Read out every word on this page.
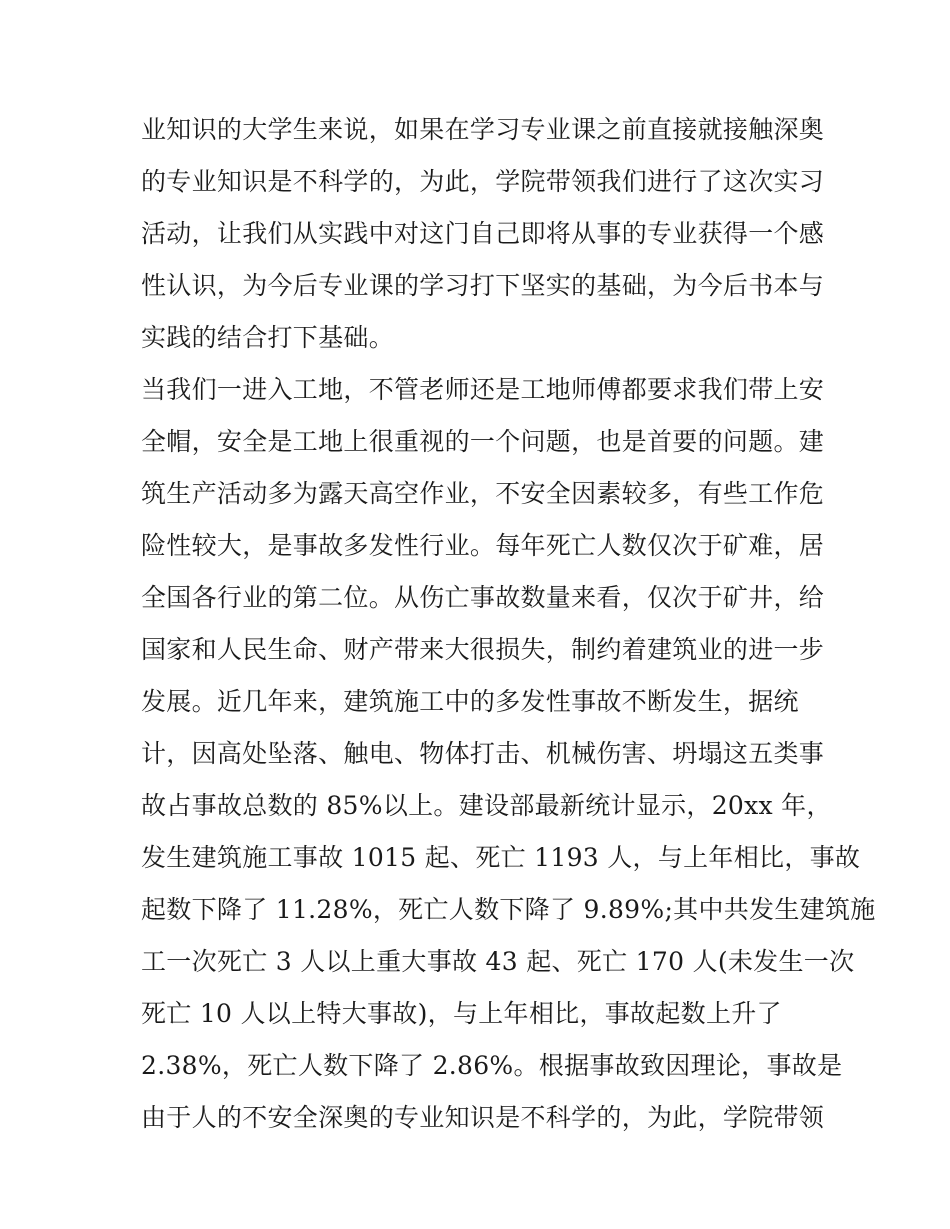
业知识的大学生来说，如果在学习专业课之前直接就接触深奥
的专业知识是不科学的，为此，学院带领我们进行了这次实习
活动，让我们从实践中对这门自己即将从事的专业获得一个感
性认识，为今后专业课的学习打下坚实的基础，为今后书本与
实践的结合打下基础。
当我们一进入工地，不管老师还是工地师傅都要求我们带上安
全帽，安全是工地上很重视的一个问题，也是首要的问题。建
筑生产活动多为露天高空作业，不安全因素较多，有些工作危
险性较大，是事故多发性行业。每年死亡人数仅次于矿难，居
全国各行业的第二位。从伤亡事故数量来看，仅次于矿井，给
国家和人民生命、财产带来大很损失，制约着建筑业的进一步
发展。近几年来，建筑施工中的多发性事故不断发生，据统
计，因高处坠落、触电、物体打击、机械伤害、坍塌这五类事
故占事故总数的 85%以上。建设部最新统计显示，20xx 年，
发生建筑施工事故 1015 起、死亡 1193 人，与上年相比，事故
起数下降了 11.28%，死亡人数下降了 9.89%;其中共发生建筑施
工一次死亡 3 人以上重大事故 43 起、死亡 170 人(未发生一次
死亡 10 人以上特大事故)，与上年相比，事故起数上升了
2.38%，死亡人数下降了 2.86%。根据事故致因理论，事故是
由于人的不安全深奥的专业知识是不科学的，为此，学院带领
